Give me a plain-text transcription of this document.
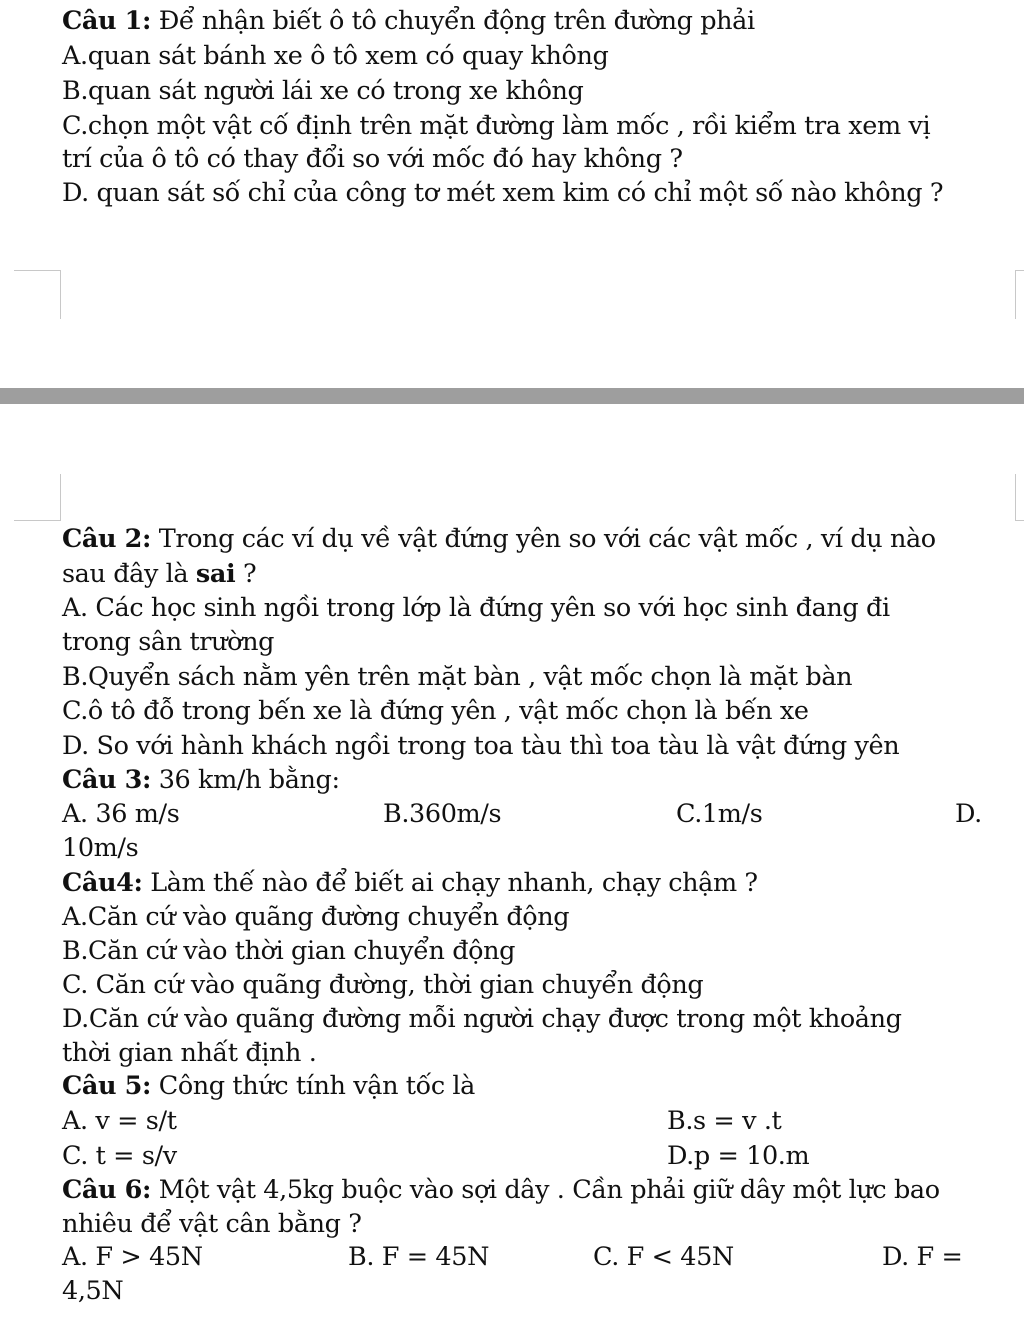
Câu 1: Để nhận biết ô tô chuyển động trên đường phải
A.quan sát bánh xe ô tô xem có quay không
B.quan sát người lái xe có trong xe không
C.chọn một vật cố định trên mặt đường làm mốc , rồi kiểm tra xem vị
trí của ô tô có thay đổi so với mốc đó hay không ?
D. quan sát số chỉ của công tơ mét xem kim có chỉ một số nào không ?
Câu 2: Trong các ví dụ về vật đứng yên so với các vật mốc , ví dụ nào
sau đây là sai ?
A. Các học sinh ngồi trong lớp là đứng yên so với học sinh đang đi
trong sân trường
B.Quyển sách nằm yên trên mặt bàn , vật mốc chọn là mặt bàn
C.ô tô đỗ trong bến xe là đứng yên , vật mốc chọn là bến xe
D. So với hành khách ngồi trong toa tàu thì toa tàu là vật đứng yên
Câu 3: 36 km/h bằng:
A. 36 m/s	B.360m/s	C.1m/s	D.
10m/s
Câu4: Làm thế nào để biết ai chạy nhanh, chạy chậm ?
A.Căn cứ vào quãng đường chuyển động
B.Căn cứ vào thời gian chuyển động
C. Căn cứ vào quãng đường, thời gian chuyển động
D.Căn cứ vào quãng đường mỗi người chạy được trong một khoảng
thời gian nhất định .
Câu 5: Công thức tính vận tốc là
A. v = s/t	B.s = v .t
C. t = s/v	D.p = 10.m
Câu 6: Một vật 4,5kg buộc vào sợi dây . Cần phải giữ dây một lực bao
nhiêu để vật cân bằng ?
A. F > 45N	B. F = 45N	C. F < 45N	D. F =
4,5N
